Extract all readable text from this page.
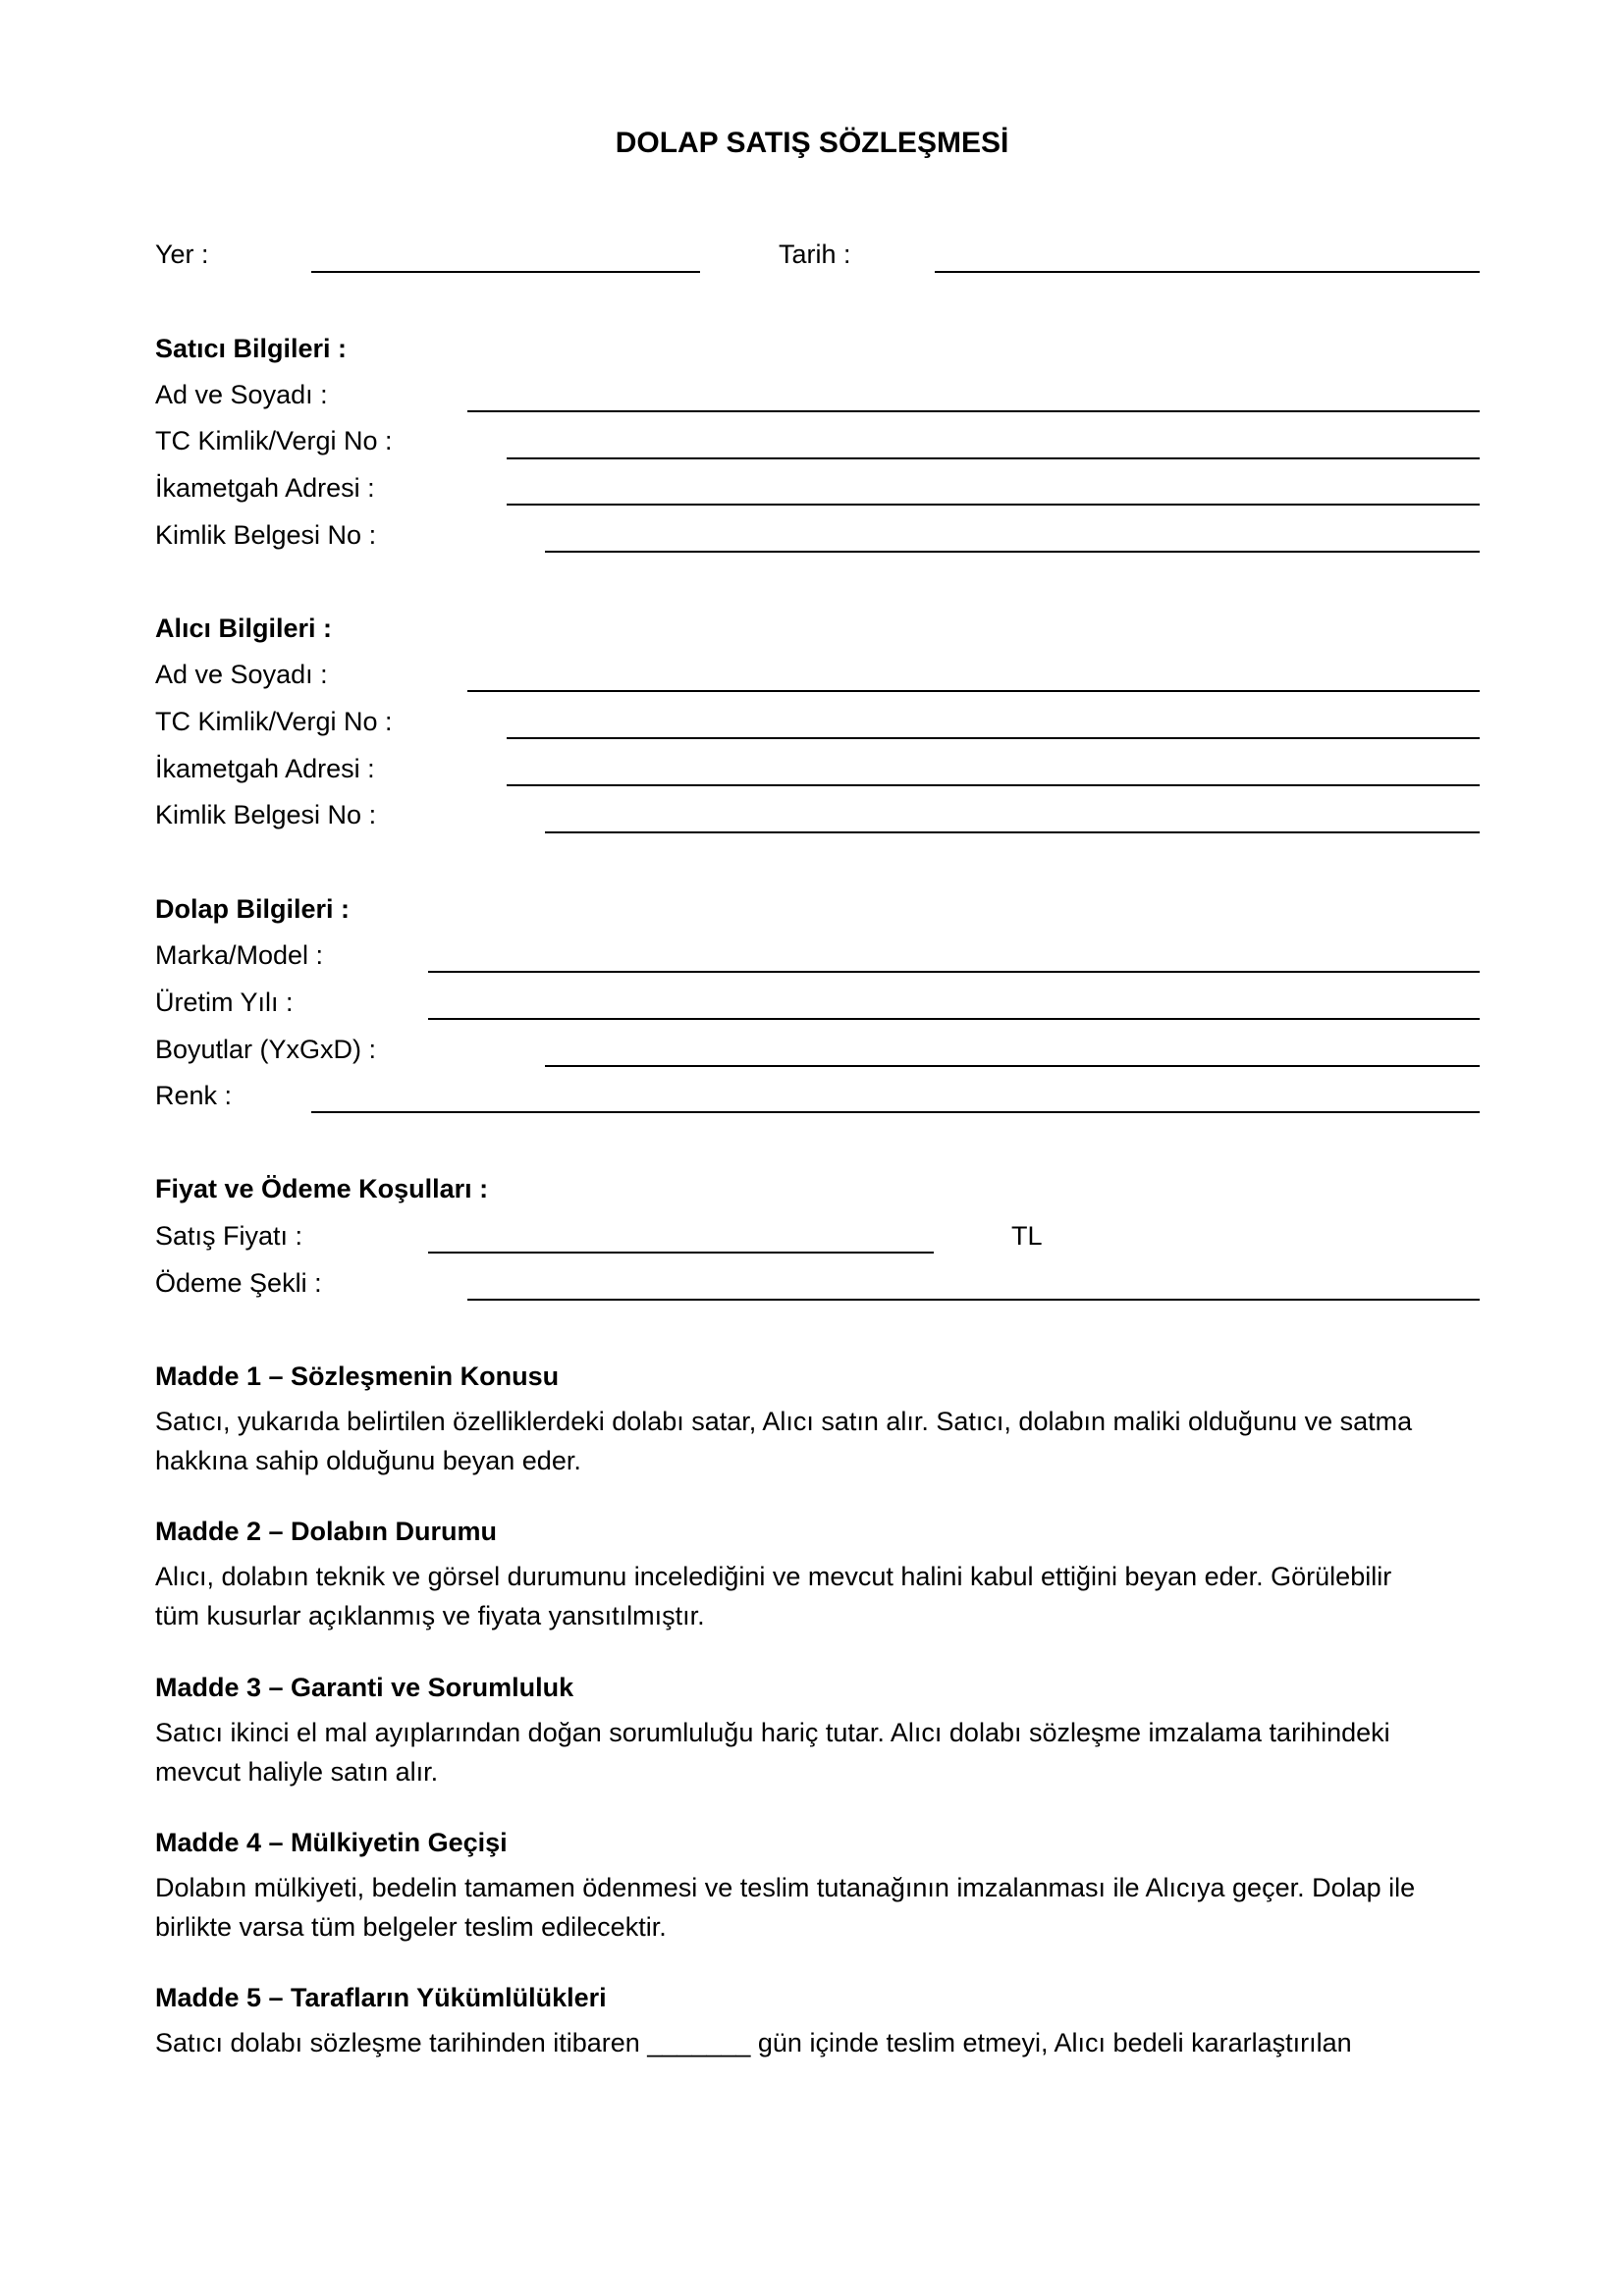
DOLAP SATIŞ SÖZLEŞMESİ
Yer :	Tarih :
Satıcı Bilgileri :
Ad ve Soyadı :
TC Kimlik/Vergi No :
İkametgah Adresi :
Kimlik Belgesi No :
Alıcı Bilgileri :
Ad ve Soyadı :
TC Kimlik/Vergi No :
İkametgah Adresi :
Kimlik Belgesi No :
Dolap Bilgileri :
Marka/Model :
Üretim Yılı :
Boyutlar (YxGxD) :
Renk :
Fiyat ve Ödeme Koşulları :
Satış Fiyatı :	TL
Ödeme Şekli :
Madde 1 – Sözleşmenin Konusu
Satıcı, yukarıda belirtilen özelliklerdeki dolabı satar, Alıcı satın alır. Satıcı, dolabın maliki olduğunu ve satma
hakkına sahip olduğunu beyan eder.
Madde 2 – Dolabın Durumu
Alıcı, dolabın teknik ve görsel durumunu incelediğini ve mevcut halini kabul ettiğini beyan eder. Görülebilir
tüm kusurlar açıklanmış ve fiyata yansıtılmıştır.
Madde 3 – Garanti ve Sorumluluk
Satıcı ikinci el mal ayıplarından doğan sorumluluğu hariç tutar. Alıcı dolabı sözleşme imzalama tarihindeki
mevcut haliyle satın alır.
Madde 4 – Mülkiyetin Geçişi
Dolabın mülkiyeti, bedelin tamamen ödenmesi ve teslim tutanağının imzalanması ile Alıcıya geçer. Dolap ile
birlikte varsa tüm belgeler teslim edilecektir.
Madde 5 – Tarafların Yükümlülükleri
Satıcı dolabı sözleşme tarihinden itibaren _______ gün içinde teslim etmeyi, Alıcı bedeli kararlaştırılan
